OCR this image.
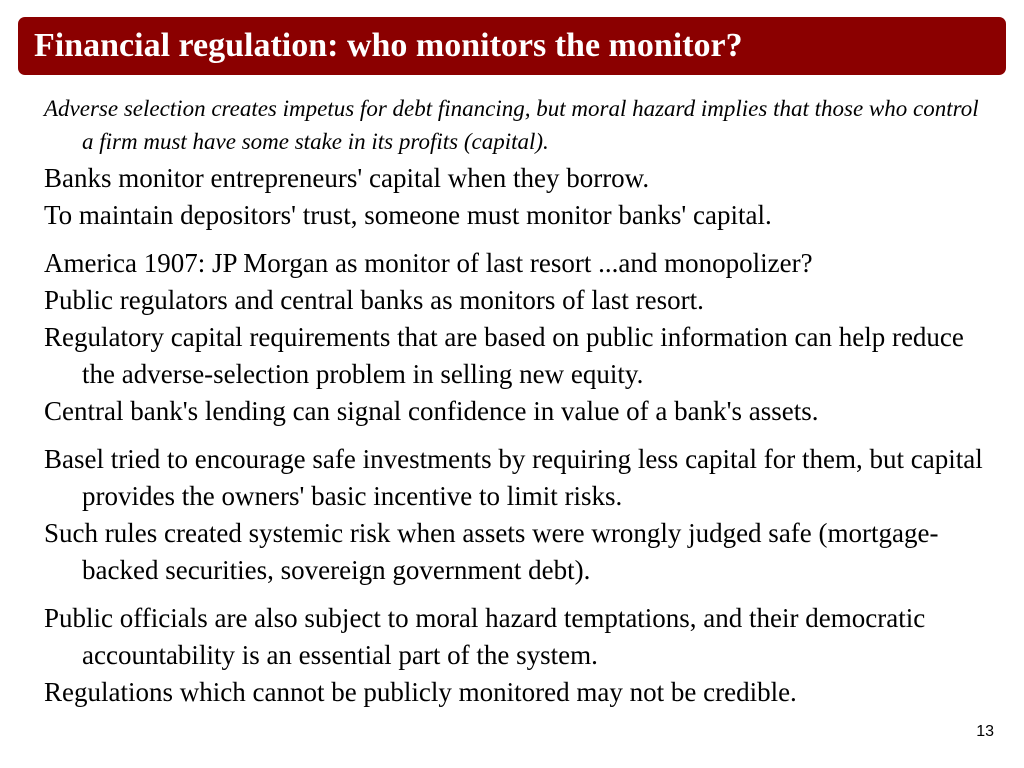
Financial regulation: who monitors the monitor?

Adverse selection creates impetus for debt financing, but moral hazard implies that those who control a firm must have some stake in its profits (capital).

Banks monitor entrepreneurs' capital when they borrow.

To maintain depositors' trust, someone must monitor banks' capital.

America 1907: JP Morgan as monitor of last resort ...and monopolizer?

Public regulators and central banks as monitors of last resort.

Regulatory capital requirements that are based on public information can help reduce the adverse-selection problem in selling new equity.

Central bank's lending can signal confidence in value of a bank's assets.

Basel tried to encourage safe investments by requiring less capital for them, but capital provides the owners' basic incentive to limit risks.

Such rules created systemic risk when assets were wrongly judged safe (mortgage-backed securities, sovereign government debt).

Public officials are also subject to moral hazard temptations, and their democratic accountability is an essential part of the system.

Regulations which cannot be publicly monitored may not be credible.

13
